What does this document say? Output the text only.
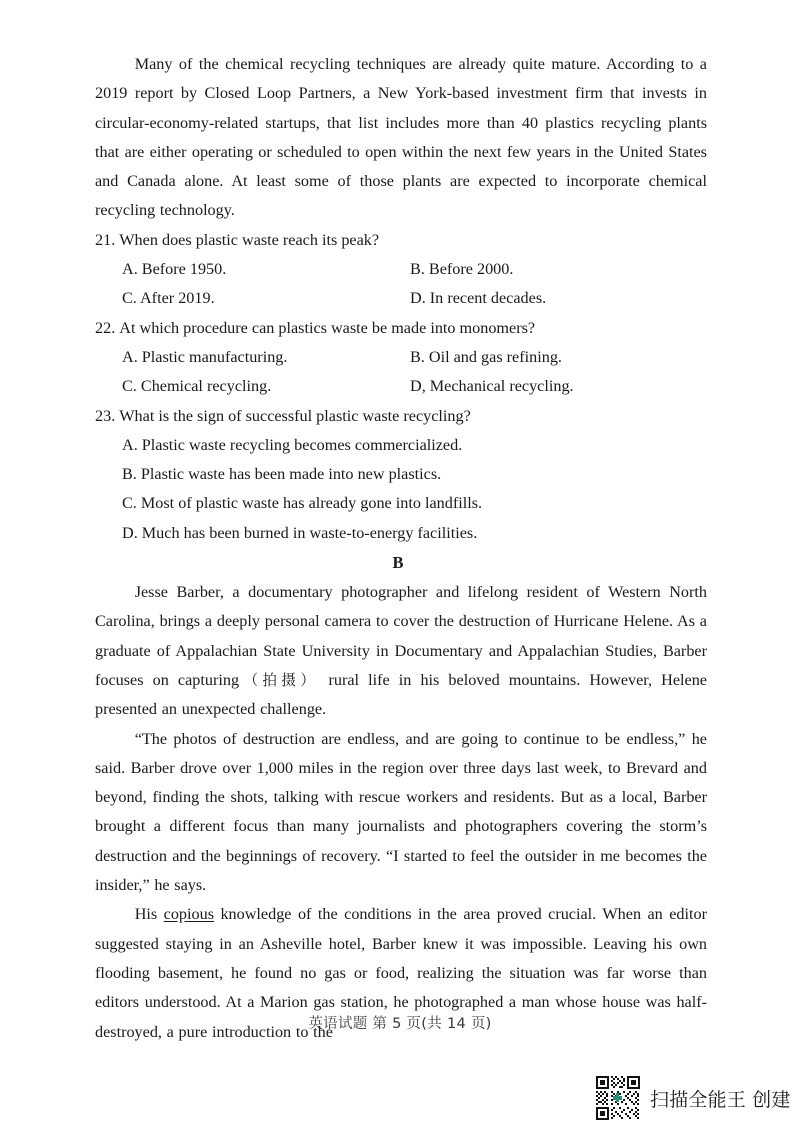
Many of the chemical recycling techniques are already quite mature. According to a 2019 report by Closed Loop Partners, a New York-based investment firm that invests in circular-economy-related startups, that list includes more than 40 plastics recycling plants that are either operating or scheduled to open within the next few years in the United States and Canada alone. At least some of those plants are expected to incorporate chemical recycling technology.

21. When does plastic waste reach its peak?

A. Before 1950.	B. Before 2000.
C. After 2019.	D. In recent decades.

22. At which procedure can plastics waste be made into monomers?

A. Plastic manufacturing.	B. Oil and gas refining.
C. Chemical recycling.	D, Mechanical recycling.

23. What is the sign of successful plastic waste recycling?

A. Plastic waste recycling becomes commercialized.
B. Plastic waste has been made into new plastics.
C. Most of plastic waste has already gone into landfills.
D. Much has been burned in waste-to-energy facilities.

B

Jesse Barber, a documentary photographer and lifelong resident of Western North Carolina, brings a deeply personal camera to cover the destruction of Hurricane Helene. As a graduate of Appalachian State University in Documentary and Appalachian Studies, Barber focuses on capturing（拍摄） rural life in his beloved mountains. However, Helene presented an unexpected challenge.

“The photos of destruction are endless, and are going to continue to be endless,” he said. Barber drove over 1,000 miles in the region over three days last week, to Brevard and beyond, finding the shots, talking with rescue workers and residents. But as a local, Barber brought a different focus than many journalists and photographers covering the storm’s destruction and the beginnings of recovery. “I started to feel the outsider in me becomes the insider,” he says.

His copious knowledge of the conditions in the area proved crucial. When an editor suggested staying in an Asheville hotel, Barber knew it was impossible. Leaving his own flooding basement, he found no gas or food, realizing the situation was far worse than editors understood. At a Marion gas station, he photographed a man whose house was half-destroyed, a pure introduction to the

英语试题 第 5 页(共 14 页)
扫描全能王 创建
